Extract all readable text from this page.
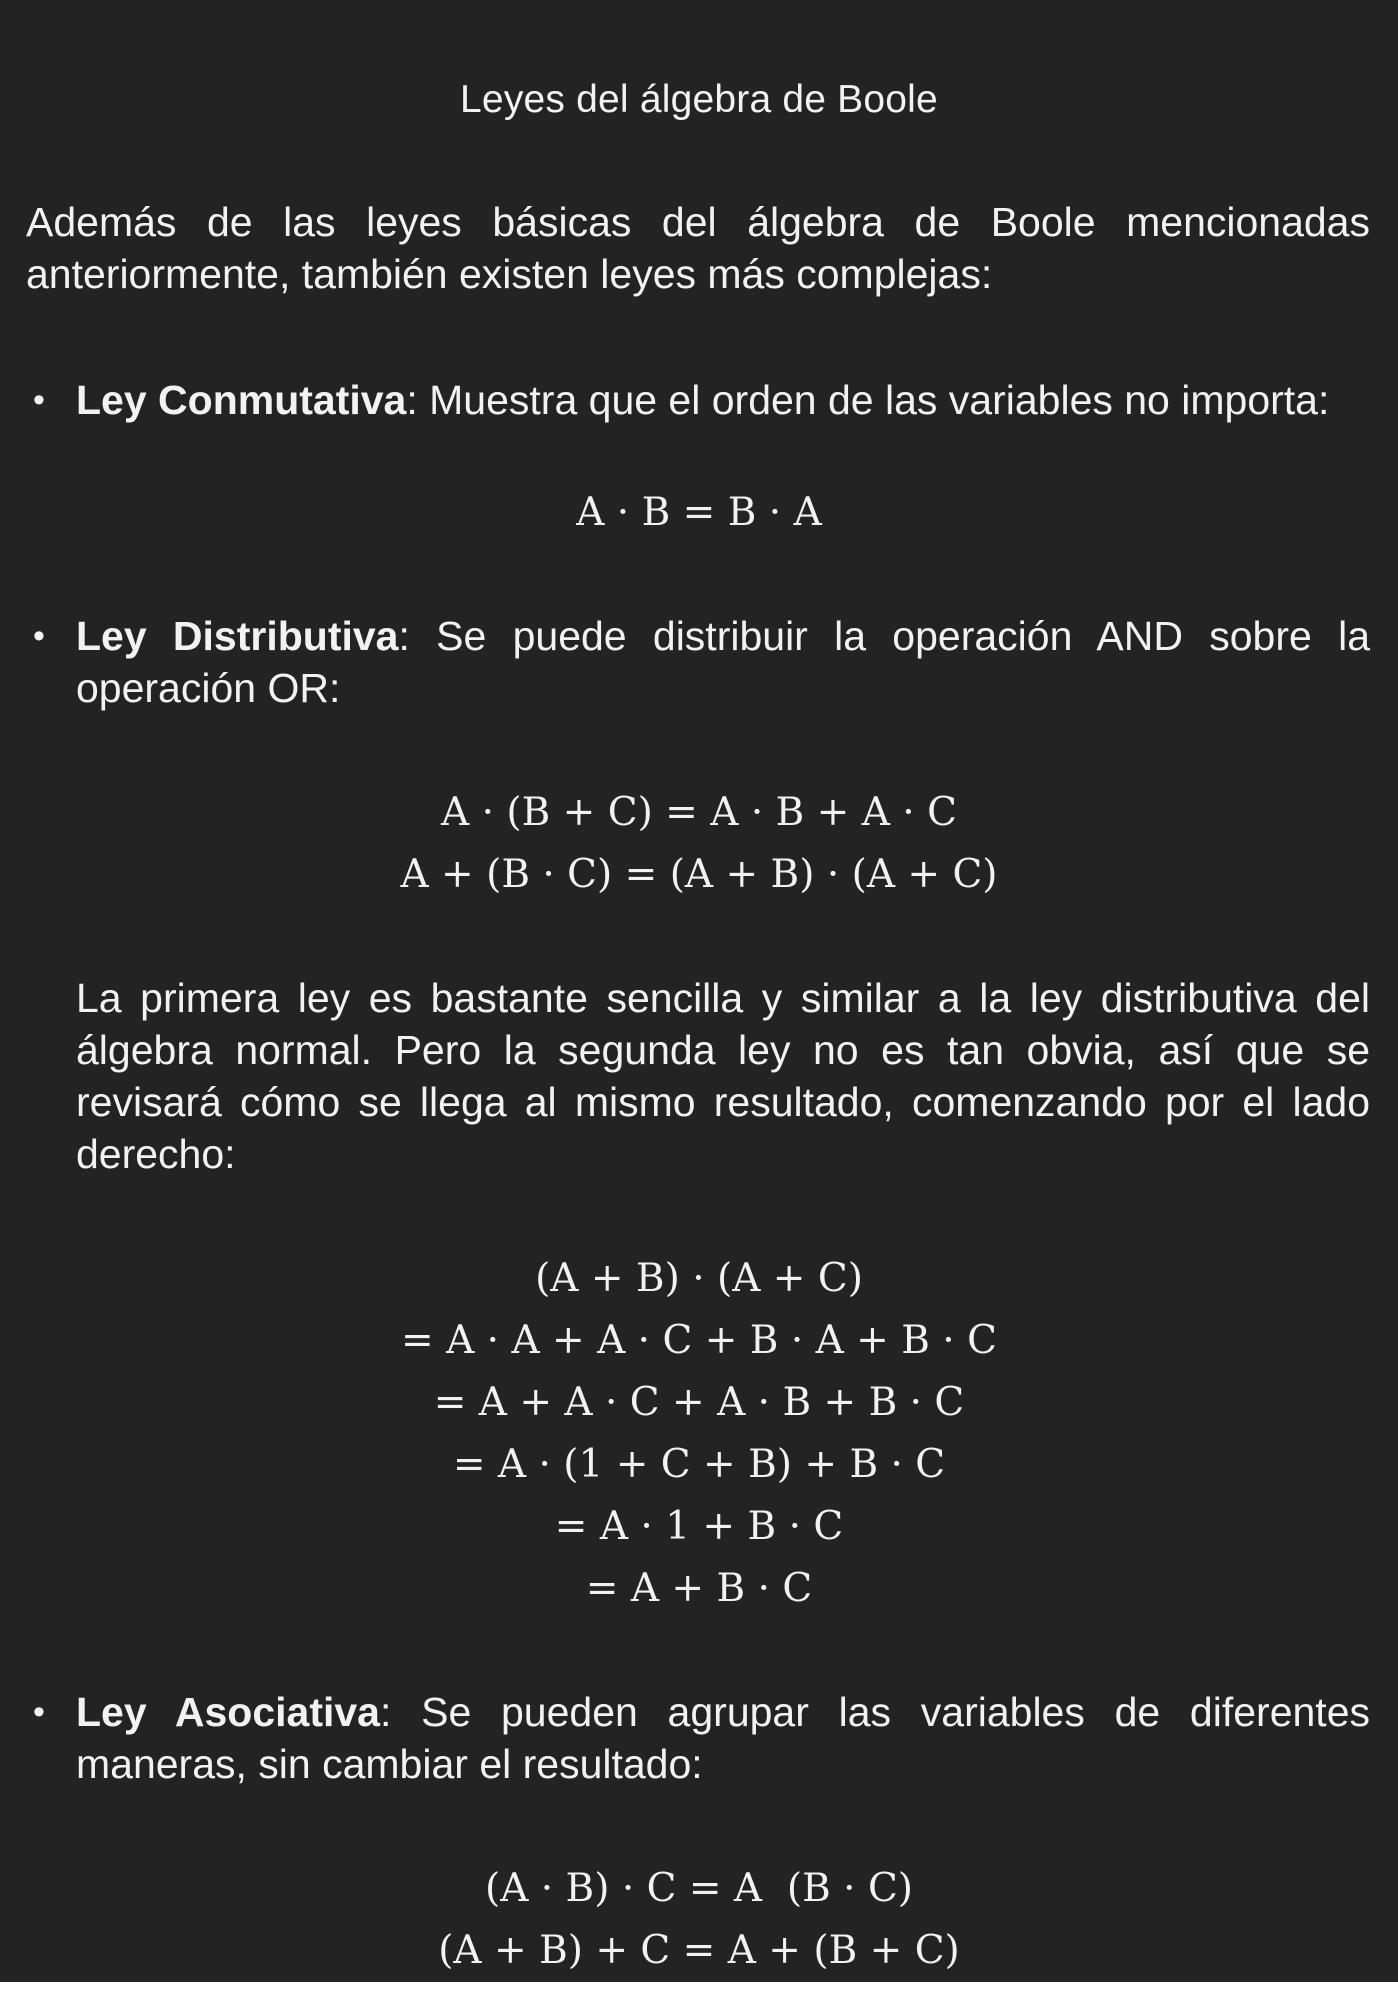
Leyes del álgebra de Boole
Además de las leyes básicas del álgebra de Boole mencionadas anteriormente, también existen leyes más complejas:
• Ley Conmutativa: Muestra que el orden de las variables no importa:
A · B = B · A
• Ley Distributiva: Se puede distribuir la operación AND sobre la operación OR:
A · (B + C) = A · B + A · C
A + (B · C) = (A + B) · (A + C)
La primera ley es bastante sencilla y similar a la ley distributiva del álgebra normal. Pero la segunda ley no es tan obvia, así que se revisará cómo se llega al mismo resultado, comenzando por el lado derecho:
(A + B) · (A + C)
= A · A + A · C + B · A + B · C
= A + A · C + A · B + B · C
= A · (1 + C + B) + B · C
= A · 1 + B · C
= A + B · C
• Ley Asociativa: Se pueden agrupar las variables de diferentes maneras, sin cambiar el resultado:
(A · B) · C = A  (B · C)
(A + B) + C = A + (B + C)
